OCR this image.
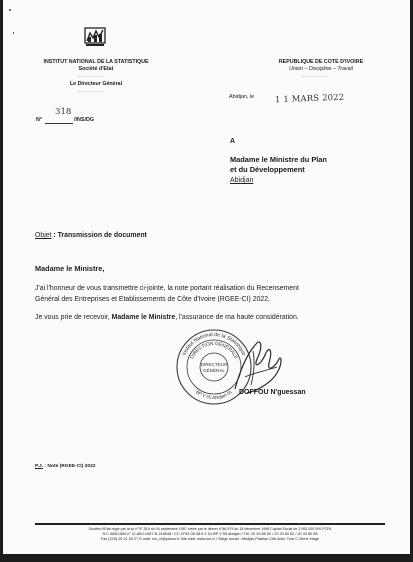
INSTITUT NATIONAL DE LA STATISTIQUE
Société d'Etat
---------------
Le Directeur Général
---------------
REPUBLIQUE DE COTE D'IVOIRE
Union – Discipline – Travail
---------------
Abidjan, le 1 1 MARS 2022
318
N°	/INS/DG
A
Madame le Ministre du Plan
et du Développement
Abidjan
Objet : Transmission de document
Madame le Ministre,
J'ai l'honneur de vous transmettre ci-jointe, la note portant réalisation du Recensement
Général des Entreprises et Etablissements de Côte d'Ivoire (RGEE-CI) 2022.
Je vous prie de recevoir, Madame le Ministre, l'assurance de ma haute considération.
Institut National de la Statistique
DIRECTION GÉNÉRALE
BP V 55 Abidjan 01
DIRECTEUR
GÉNÉRAL
DOFFOU N'guessan
P.J. : Note (RGEE-CI) 2022
Société d'Etat régie par la loi n°97-519 du 04 septembre 1997 créée par le décret n°96-975 du 18 décembre 1996 Capital Social de 2 000 000 000 FCFA
R.C ABIDJAN n° CI-ABJ-1997-B-218548 / CC N°92-08.38.6 X 01 BP V 55 Abidjan / Tél. 20 33 88 60 / 20 33 80 62 / 20 33 80 58
Fax (225) 20 21 63 27 E-mail: ins_ci@yahoo.fr Site web: www.ins.ci / Siège social : Abidjan-Plateau Cité Adm. Tour C 2ème étage
